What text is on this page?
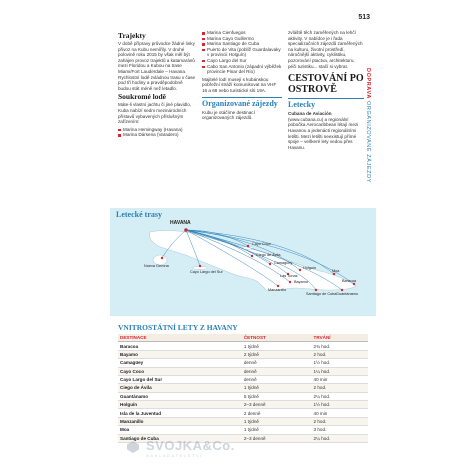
513
DOPRAVA ORGANIZOVANÉ ZÁJEZDY
Trajekty

V době přípravy průvodce žádné linky přivoz na Kubu nemířily. V druhé polovině roku 2015 by však měl být zahájen provoz trajektů a katamaránů mezi Floridou a Kubou na trase Miami/Fort Lauderdale – Havana. Rychlostní lodě zvládnou trasu v čase pod tři hodiny a pravděpodobně budou stát méně než letadlo.

Soukromé lodě

Máte-li vlastní jachtu či jiné plavidlo, Kuba nabízí sedm mezinárodních přístavů vybavených příslušným zařízením:

Marina Hemingway (Havana)
Marina Dársena (Varadero)
Marina Cienfuegos
Marina Cayo Guillermo
Marina Santiago de Cuba
Puerto de Vita (poblíž Guardalavaky v provincii Holguín)
Cayo Largo del Sur
Cabo San Antonio (západní výběžek provincie Pinar del Río)

Majitelé lodí musejí s kubánskou pobřežní stráží komunikovat na VHF 16 a 68 nebo turistické síti 19A.

Organizované zájezdy

Kubu je otáčíme destinací organizovaných zájezdů.

zvláště těch zaměřených na lehčí aktivity. V nabídce je i řada specializačních zájezdů zaměřených na kulturu, životní prostředí, náročnější aktivity, cyklistiku, pozorování ptactva, architekturu, péči turistiku... stačí si vybrat.

CESTOVÁNÍ PO OSTROVĚ
Letecky

Cubana de Aviación (www.cubana.cu) a regionální pobočka Aerocaribbean létají mezi Havanou a jedenácti regionálními letišti. Mezi letišti neexistují přímé spoje – veškeré lety vedou přes Havanu.

Letecké trasy
HAVANA
Cayo Coco
Ciego de Ávila
Camagüey
Holguín
Moa
Baracoa
Las Tunas
Bayamo
Manzanillo
Guantánamo
Santiago de Cuba
Nueva Gerona
Cayo Largo del Sur
VNITROSTÁTNÍ LETY Z HAVANY
DESTINACE	ČETNOST	TRVÁNÍ
Baracoa	1 týdně	2¾ hod.
Bayamo	2 týdně	2 hod.
Camagüey	denně	1½ hod.
Cayo Coco	denně	1¼ hod.
Cayo Largo del Sur	denně	40 min
Ciego de Ávila	1 týdně	2 hod.
Guantánamo	5 týdně	2¼ hod.
Holguín	2–3 denně	1½ hod.
Isla de la Juventud	2 denně	40 min
Manzanillo	1 týdně	2 hod.
Moa	1 týdně	3 hod.
Santiago de Cuba	2–3 denně	2¼ hod.
SVOJKA&Co.
NAKLADATELSTVÍ
